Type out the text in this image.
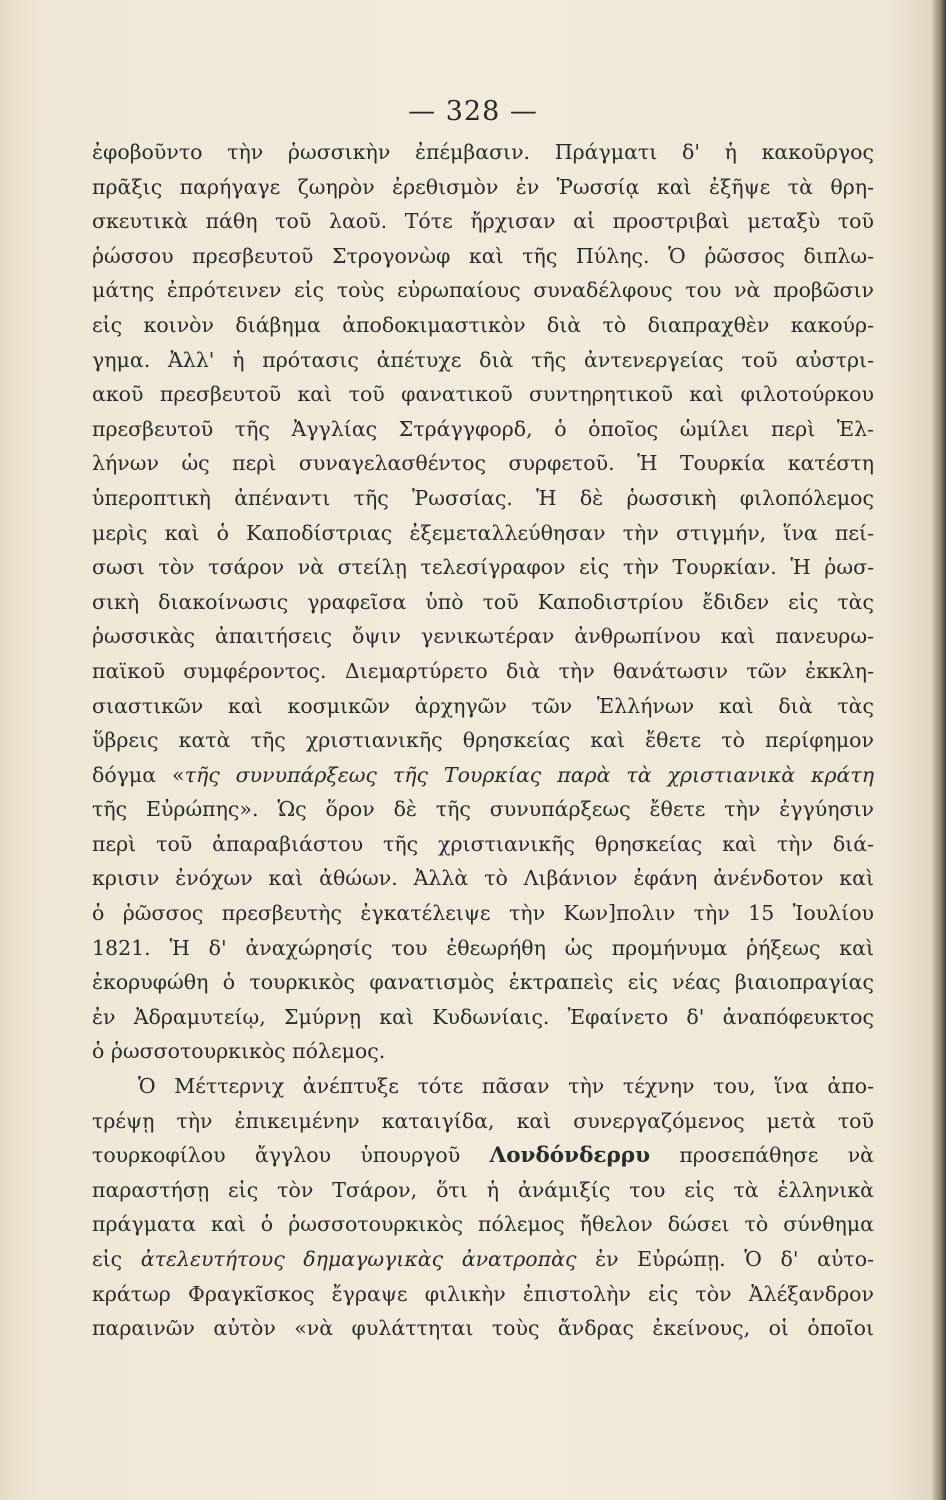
— 328 —
ἐφοβοῦντο τὴν ῥωσσικὴν ἐπέμβασιν. Πράγματι δ' ἡ κακοῦργος
πρᾶξις παρήγαγε ζωηρὸν ἐρεθισμὸν ἐν Ῥωσσίᾳ καὶ ἐξῆψε τὰ θρη-
σκευτικὰ πάθη τοῦ λαοῦ. Τότε ἤρχισαν αἱ προστριβαὶ μεταξὺ τοῦ
ῥώσσου πρεσβευτοῦ Στρογονὼφ καὶ τῆς Πύλης. Ὁ ῥῶσσος διπλω-
μάτης ἐπρότεινεν εἰς τοὺς εὐρωπαίους συναδέλφους του νὰ προβῶσιν
εἰς κοινὸν διάβημα ἀποδοκιμαστικὸν διὰ τὸ διαπραχθὲν κακούρ-
γημα. Ἀλλ' ἡ πρότασις ἀπέτυχε διὰ τῆς ἀντενεργείας τοῦ αὐστρι-
ακοῦ πρεσβευτοῦ καὶ τοῦ φανατικοῦ συντηρητικοῦ καὶ φιλοτούρκου
πρεσβευτοῦ τῆς Ἀγγλίας Στράγγφορδ, ὁ ὁποῖος ὡμίλει περὶ Ἑλ-
λήνων ὡς περὶ συναγελασθέντος συρφετοῦ. Ἡ Τουρκία κατέστη
ὑπεροπτικὴ ἀπέναντι τῆς Ῥωσσίας. Ἡ δὲ ῥωσσικὴ φιλοπόλεμος
μερὶς καὶ ὁ Καποδίστριας ἐξεμεταλλεύθησαν τὴν στιγμήν, ἵνα πεί-
σωσι τὸν τσάρον νὰ στείλῃ τελεσίγραφον εἰς τὴν Τουρκίαν. Ἡ ῥωσ-
σικὴ διακοίνωσις γραφεῖσα ὑπὸ τοῦ Καποδιστρίου ἔδιδεν εἰς τὰς
ῥωσσικὰς ἀπαιτήσεις ὄψιν γενικωτέραν ἀνθρωπίνου καὶ πανευρω-
παϊκοῦ συμφέροντος. Διεμαρτύρετο διὰ τὴν θανάτωσιν τῶν ἐκκλη-
σιαστικῶν καὶ κοσμικῶν ἀρχηγῶν τῶν Ἑλλήνων καὶ διὰ τὰς
ὕβρεις κατὰ τῆς χριστιανικῆς θρησκείας καὶ ἔθετε τὸ περίφημον
δόγμα «τῆς συνυπάρξεως τῆς Τουρκίας παρὰ τὰ χριστιανικὰ κράτη
τῆς Εὐρώπης». Ὡς ὅρον δὲ τῆς συνυπάρξεως ἔθετε τὴν ἐγγύησιν
περὶ τοῦ ἀπαραβιάστου τῆς χριστιανικῆς θρησκείας καὶ τὴν διά-
κρισιν ἐνόχων καὶ ἀθώων. Ἀλλὰ τὸ Λιβάνιον ἐφάνη ἀνένδοτον καὶ
ὁ ῥῶσσος πρεσβευτὴς ἐγκατέλειψε τὴν Κων]πολιν τὴν 15 Ἰουλίου
1821. Ἡ δ' ἀναχώρησίς του ἐθεωρήθη ὡς προμήνυμα ῥήξεως καὶ
ἐκορυφώθη ὁ τουρκικὸς φανατισμὸς ἐκτραπεὶς εἰς νέας βιαιοπραγίας
ἐν Ἀδραμυτείῳ, Σμύρνῃ καὶ Κυδωνίαις. Ἐφαίνετο δ' ἀναπόφευκτος
ὁ ῥωσσοτουρκικὸς πόλεμος.
Ὁ Μέττερνιχ ἀνέπτυξε τότε πᾶσαν τὴν τέχνην του, ἵνα ἀπο-
τρέψῃ τὴν ἐπικειμένην καταιγίδα, καὶ συνεργαζόμενος μετὰ τοῦ
τουρκοφίλου ἄγγλου ὑπουργοῦ Λονδόνδερρυ προσεπάθησε νὰ
παραστήσῃ εἰς τὸν Τσάρον, ὅτι ἡ ἀνάμιξίς του εἰς τὰ ἑλληνικὰ
πράγματα καὶ ὁ ῥωσσοτουρκικὸς πόλεμος ἤθελον δώσει τὸ σύνθημα
εἰς ἀτελευτήτους δημαγωγικὰς ἀνατροπὰς ἐν Εὐρώπῃ. Ὁ δ' αὐτο-
κράτωρ Φραγκῖσκος ἔγραψε φιλικὴν ἐπιστολὴν εἰς τὸν Ἀλέξανδρον
παραινῶν αὐτὸν «νὰ φυλάττηται τοὺς ἄνδρας ἐκείνους, οἱ ὁποῖοι
